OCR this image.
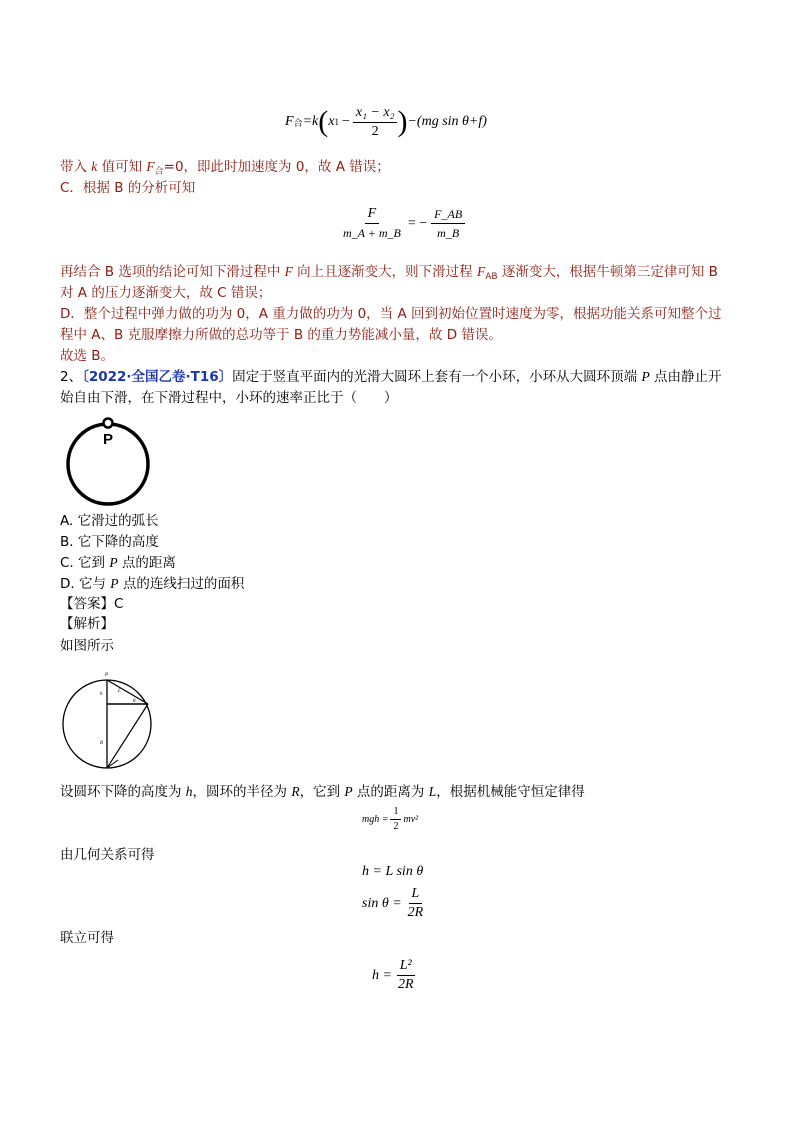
F 合 =k ( x $1 - \frac{\text{x₁ − x₂}}{2}$ ) −(mg sin θ+f)
带入 k 值可知 $F_合=0$，即此时加速度为 0，故 A 错误；
C．根据 B 的分析可知
$\frac{F}{m\_A + m\_B}$ = − $\frac{F\_AB}{m\_B}$
再结合 B 选项的结论可知下滑过程中 F 向上且逐渐变大，则下滑过程 $F_{AB}$ 逐渐变大，根据牛顿第三定律可知 B
对 A 的压力逐渐变大，故 C 错误；
D．整个过程中弹力做的功为 0，A 重力做的功为 0，当 A 回到初始位置时速度为零，根据功能关系可知整个过
程中 A、B 克服摩擦力所做的总功等于 B 的重力势能减小量，故 D 错误。
故选 B。
2、〔2022·全国乙卷·T16〕固定于竖直平面内的光滑大圆环上套有一个小环，小环从大圆环顶端 P 点由静止开
始自由下滑，在下滑过程中，小环的速率正比于（　　）
P
A. 它滑过的弧长
B. 它下降的高度
C. 它到 P 点的距离
D. 它与 P 点的连线扫过的面积
【答案】C
【解析】
如图所示
P
h
L
θ
R
设圆环下降的高度为 h，圆环的半径为 R，它到 P 点的距离为 L，根据机械能守恒定律得
mgh = $\frac{1}{2} mv^2$
由几何关系可得
h = L sin θ
$\sin \theta = \frac{L}{2R}$
联立可得
$h = \frac{\text{L²}}{2R}$
